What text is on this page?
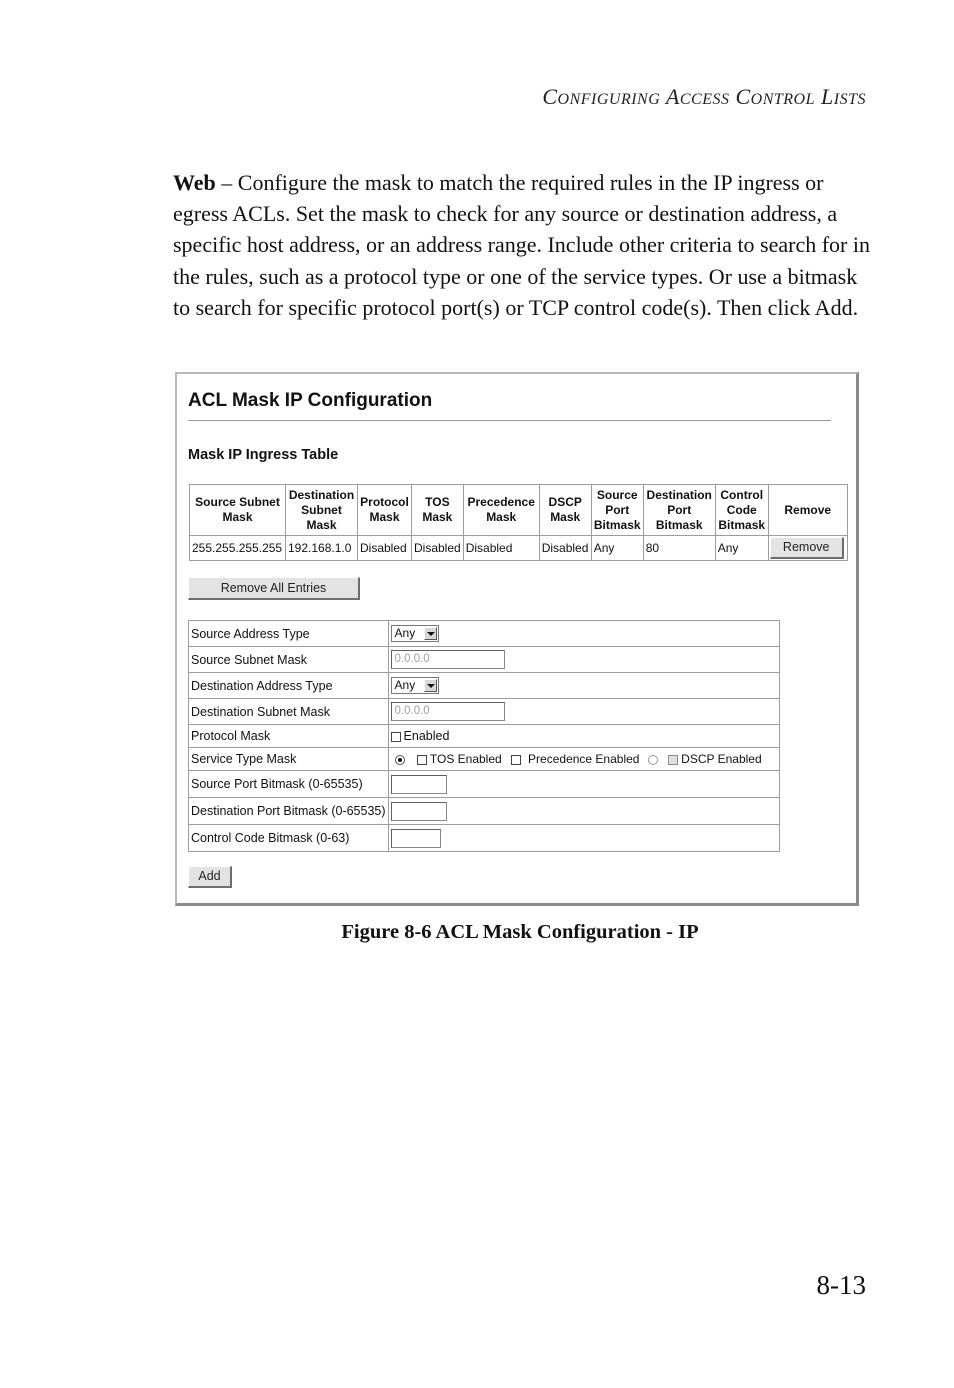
CONFIGURING ACCESS CONTROL LISTS
Web – Configure the mask to match the required rules in the IP ingress or egress ACLs. Set the mask to check for any source or destination address, a specific host address, or an address range. Include other criteria to search for in the rules, such as a protocol type or one of the service types. Or use a bitmask to search for specific protocol port(s) or TCP control code(s). Then click Add.
ACL Mask IP Configuration
Mask IP Ingress Table
Source Subnet Mask	Destination Subnet Mask	Protocol Mask	TOS Mask	Precedence Mask	DSCP Mask	Source Port Bitmask	Destination Port Bitmask	Control Code Bitmask	Remove
255.255.255.255	192.168.1.0	Disabled	Disabled	Disabled	Disabled	Any	80	Any	Remove
Remove All Entries
Source Address Type	Any

Source Subnet Mask	0.0.0.0
Destination Address Type	Any

Destination Subnet Mask	0.0.0.0
Protocol Mask	Enabled
Service Type Mask	TOS Enabled Precedence Enabled DSCP Enabled
Source Port Bitmask (0-65535)	
Destination Port Bitmask (0-65535)	
Control Code Bitmask (0-63)	
Add
Figure 8-6 ACL Mask Configuration - IP
8-13
